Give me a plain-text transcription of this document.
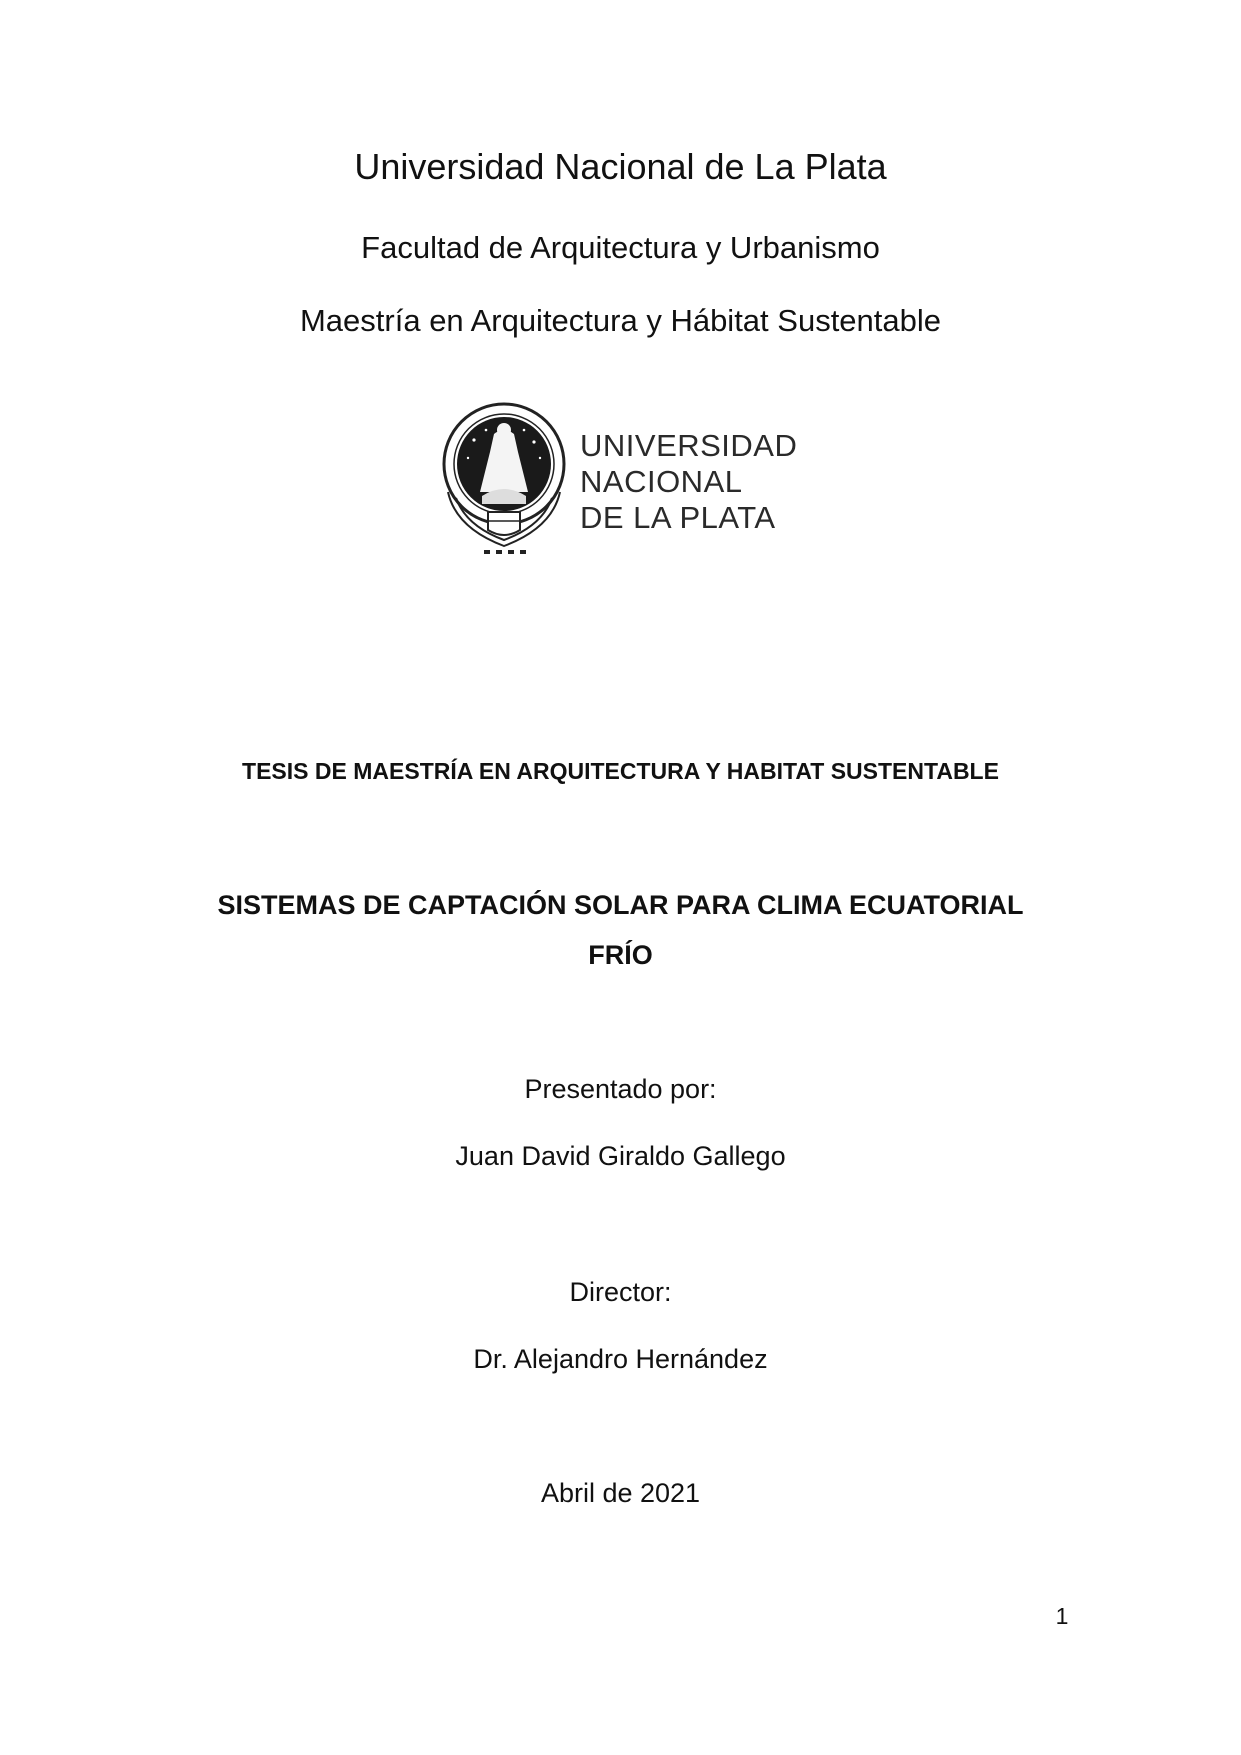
Universidad Nacional de La Plata
Facultad de Arquitectura y Urbanismo
Maestría en Arquitectura y Hábitat Sustentable
UNIVERSIDAD
NACIONAL
DE LA PLATA
TESIS DE MAESTRÍA EN ARQUITECTURA Y HABITAT SUSTENTABLE
SISTEMAS DE CAPTACIÓN SOLAR PARA CLIMA ECUATORIAL
FRÍO
Presentado por:
Juan David Giraldo Gallego
Director:
Dr. Alejandro Hernández
Abril de 2021
1
